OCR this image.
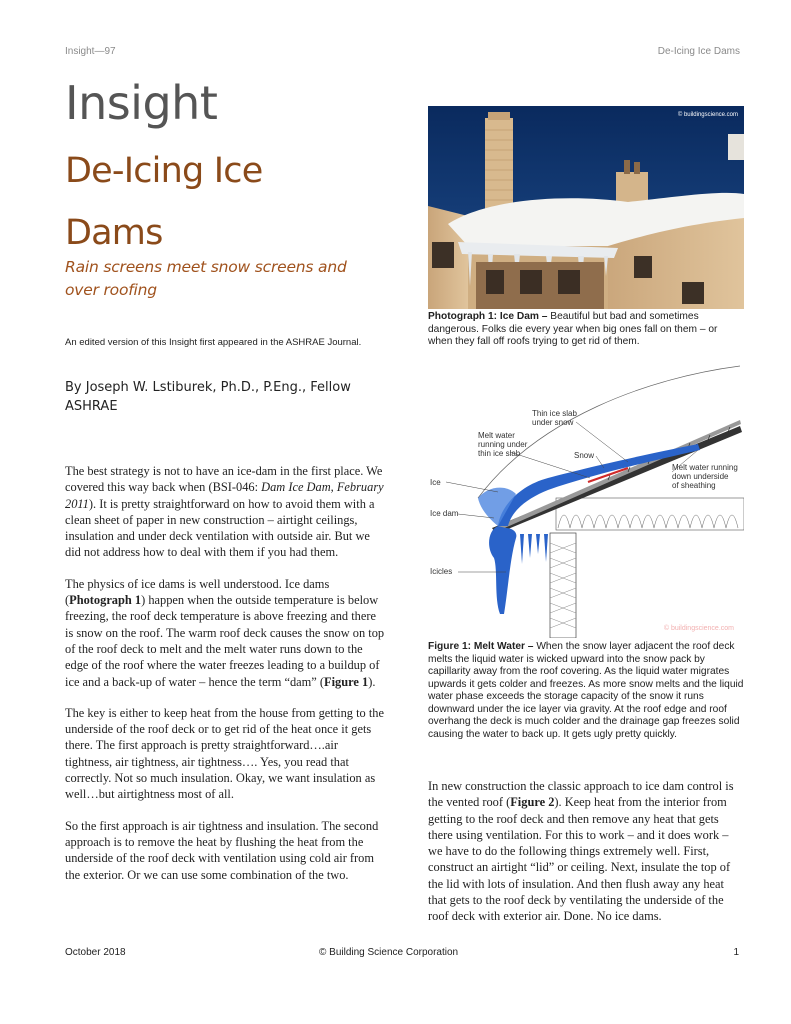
Insight—97	De-Icing Ice Dams
Insight
De-Icing Ice Dams
Rain screens meet snow screens and over roofing
An edited version of this Insight first appeared in the ASHRAE Journal.
By Joseph W. Lstiburek, Ph.D., P.Eng., Fellow ASHRAE

The best strategy is not to have an ice-dam in the first place. We covered this way back when (BSI-046: Dam Ice Dam, February 2011). It is pretty straightforward on how to avoid them with a clean sheet of paper in new construction – airtight ceilings, insulation and under deck ventilation with outside air. But we did not address how to deal with them if you had them.

The physics of ice dams is well understood. Ice dams (Photograph 1) happen when the outside temperature is below freezing, the roof deck temperature is above freezing and there is snow on the roof. The warm roof deck causes the snow on top of the roof deck to melt and the melt water runs down to the edge of the roof where the water freezes leading to a buildup of ice and a back-up of water – hence the term “dam” (Figure 1).

The key is either to keep heat from the house from getting to the underside of the roof deck or to get rid of the heat once it gets there. The first approach is pretty straightforward….air tightness, air tightness, air tightness…. Yes, you read that correctly. Not so much insulation. Okay, we want insulation as well…but airtightness most of all.

So the first approach is air tightness and insulation. The second approach is to remove the heat by flushing the heat from the underside of the roof deck with ventilation using cold air from the exterior. Or we can use some combination of the two.

© buildingscience.com
Photograph 1: Ice Dam – Beautiful but bad and sometimes dangerous. Folks die every year when big ones fall on them – or when they fall off roofs trying to get rid of them.
Thin ice slab
under snow
Melt water
running under
thin ice slab	Snow
Ice
Ice dam
Icicles
Melt water running
down underside
of sheathing
© buildingscience.com
Figure 1: Melt Water – When the snow layer adjacent the roof deck melts the liquid water is wicked upward into the snow pack by capillarity away from the roof covering. As the liquid water migrates upwards it gets colder and freezes. As more snow melts and the liquid water phase exceeds the storage capacity of the snow it runs downward under the ice layer via gravity. At the roof edge and roof overhang the deck is much colder and the drainage gap freezes solid causing the water to back up. It gets ugly pretty quickly.

In new construction the classic approach to ice dam control is the vented roof (Figure 2). Keep heat from the interior from getting to the roof deck and then remove any heat that gets there using ventilation. For this to work – and it does work – we have to do the following things extremely well. First, construct an airtight “lid” or ceiling. Next, insulate the top of the lid with lots of insulation. And then flush away any heat that gets to the roof deck by ventilating the underside of the roof deck with exterior air. Done. No ice dams.

October 2018	© Building Science Corporation	1
